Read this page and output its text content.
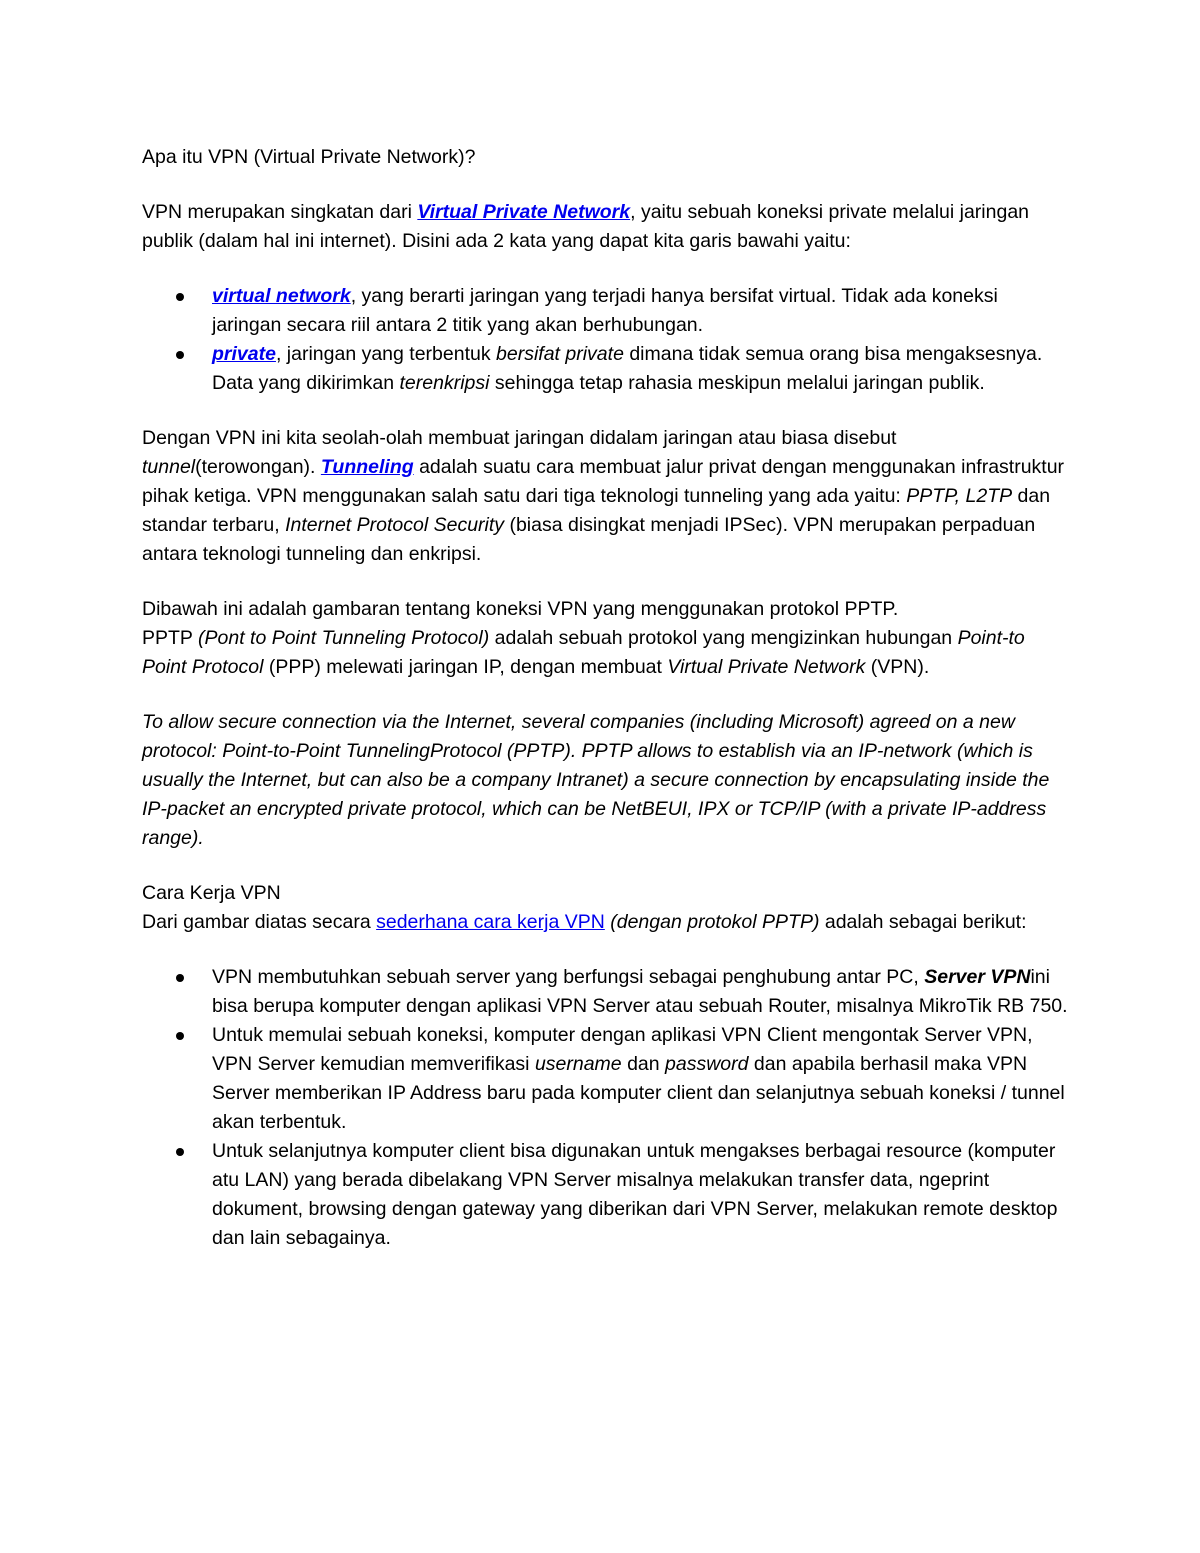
Apa itu VPN (Virtual Private Network)?

VPN merupakan singkatan dari Virtual Private Network, yaitu sebuah koneksi private melalui jaringan publik (dalam hal ini internet). Disini ada 2 kata yang dapat kita garis bawahi yaitu:

virtual network, yang berarti jaringan yang terjadi hanya bersifat virtual. Tidak ada koneksi jaringan secara riil antara 2 titik yang akan berhubungan.
private, jaringan yang terbentuk bersifat private dimana tidak semua orang bisa mengaksesnya. Data yang dikirimkan terenkripsi sehingga tetap rahasia meskipun melalui jaringan publik.

Dengan VPN ini kita seolah-olah membuat jaringan didalam jaringan atau biasa disebut tunnel(terowongan). Tunneling adalah suatu cara membuat jalur privat dengan menggunakan infrastruktur pihak ketiga. VPN menggunakan salah satu dari tiga teknologi tunneling yang ada yaitu: PPTP, L2TP dan standar terbaru, Internet Protocol Security (biasa disingkat menjadi IPSec). VPN merupakan perpaduan antara teknologi tunneling dan enkripsi.

Dibawah ini adalah gambaran tentang koneksi VPN yang menggunakan protokol PPTP.
PPTP (Pont to Point Tunneling Protocol) adalah sebuah protokol yang mengizinkan hubungan Point-to Point Protocol (PPP) melewati jaringan IP, dengan membuat Virtual Private Network (VPN).

To allow secure connection via the Internet, several companies (including Microsoft) agreed on a new protocol: Point-to-Point TunnelingProtocol (PPTP). PPTP allows to establish via an IP-network (which is usually the Internet, but can also be a company Intranet) a secure connection by encapsulating inside the IP-packet an encrypted private protocol, which can be NetBEUI, IPX or TCP/IP (with a private IP-address range).

Cara Kerja VPN

Dari gambar diatas secara sederhana cara kerja VPN (dengan protokol PPTP) adalah sebagai berikut:

VPN membutuhkan sebuah server yang berfungsi sebagai penghubung antar PC, Server VPNini bisa berupa komputer dengan aplikasi VPN Server atau sebuah Router, misalnya MikroTik RB 750.
Untuk memulai sebuah koneksi, komputer dengan aplikasi VPN Client mengontak Server VPN, VPN Server kemudian memverifikasi username dan password dan apabila berhasil maka VPN Server memberikan IP Address baru pada komputer client dan selanjutnya sebuah koneksi / tunnel akan terbentuk.
Untuk selanjutnya komputer client bisa digunakan untuk mengakses berbagai resource (komputer atu LAN) yang berada dibelakang VPN Server misalnya melakukan transfer data, ngeprint dokument, browsing dengan gateway yang diberikan dari VPN Server, melakukan remote desktop dan lain sebagainya.
